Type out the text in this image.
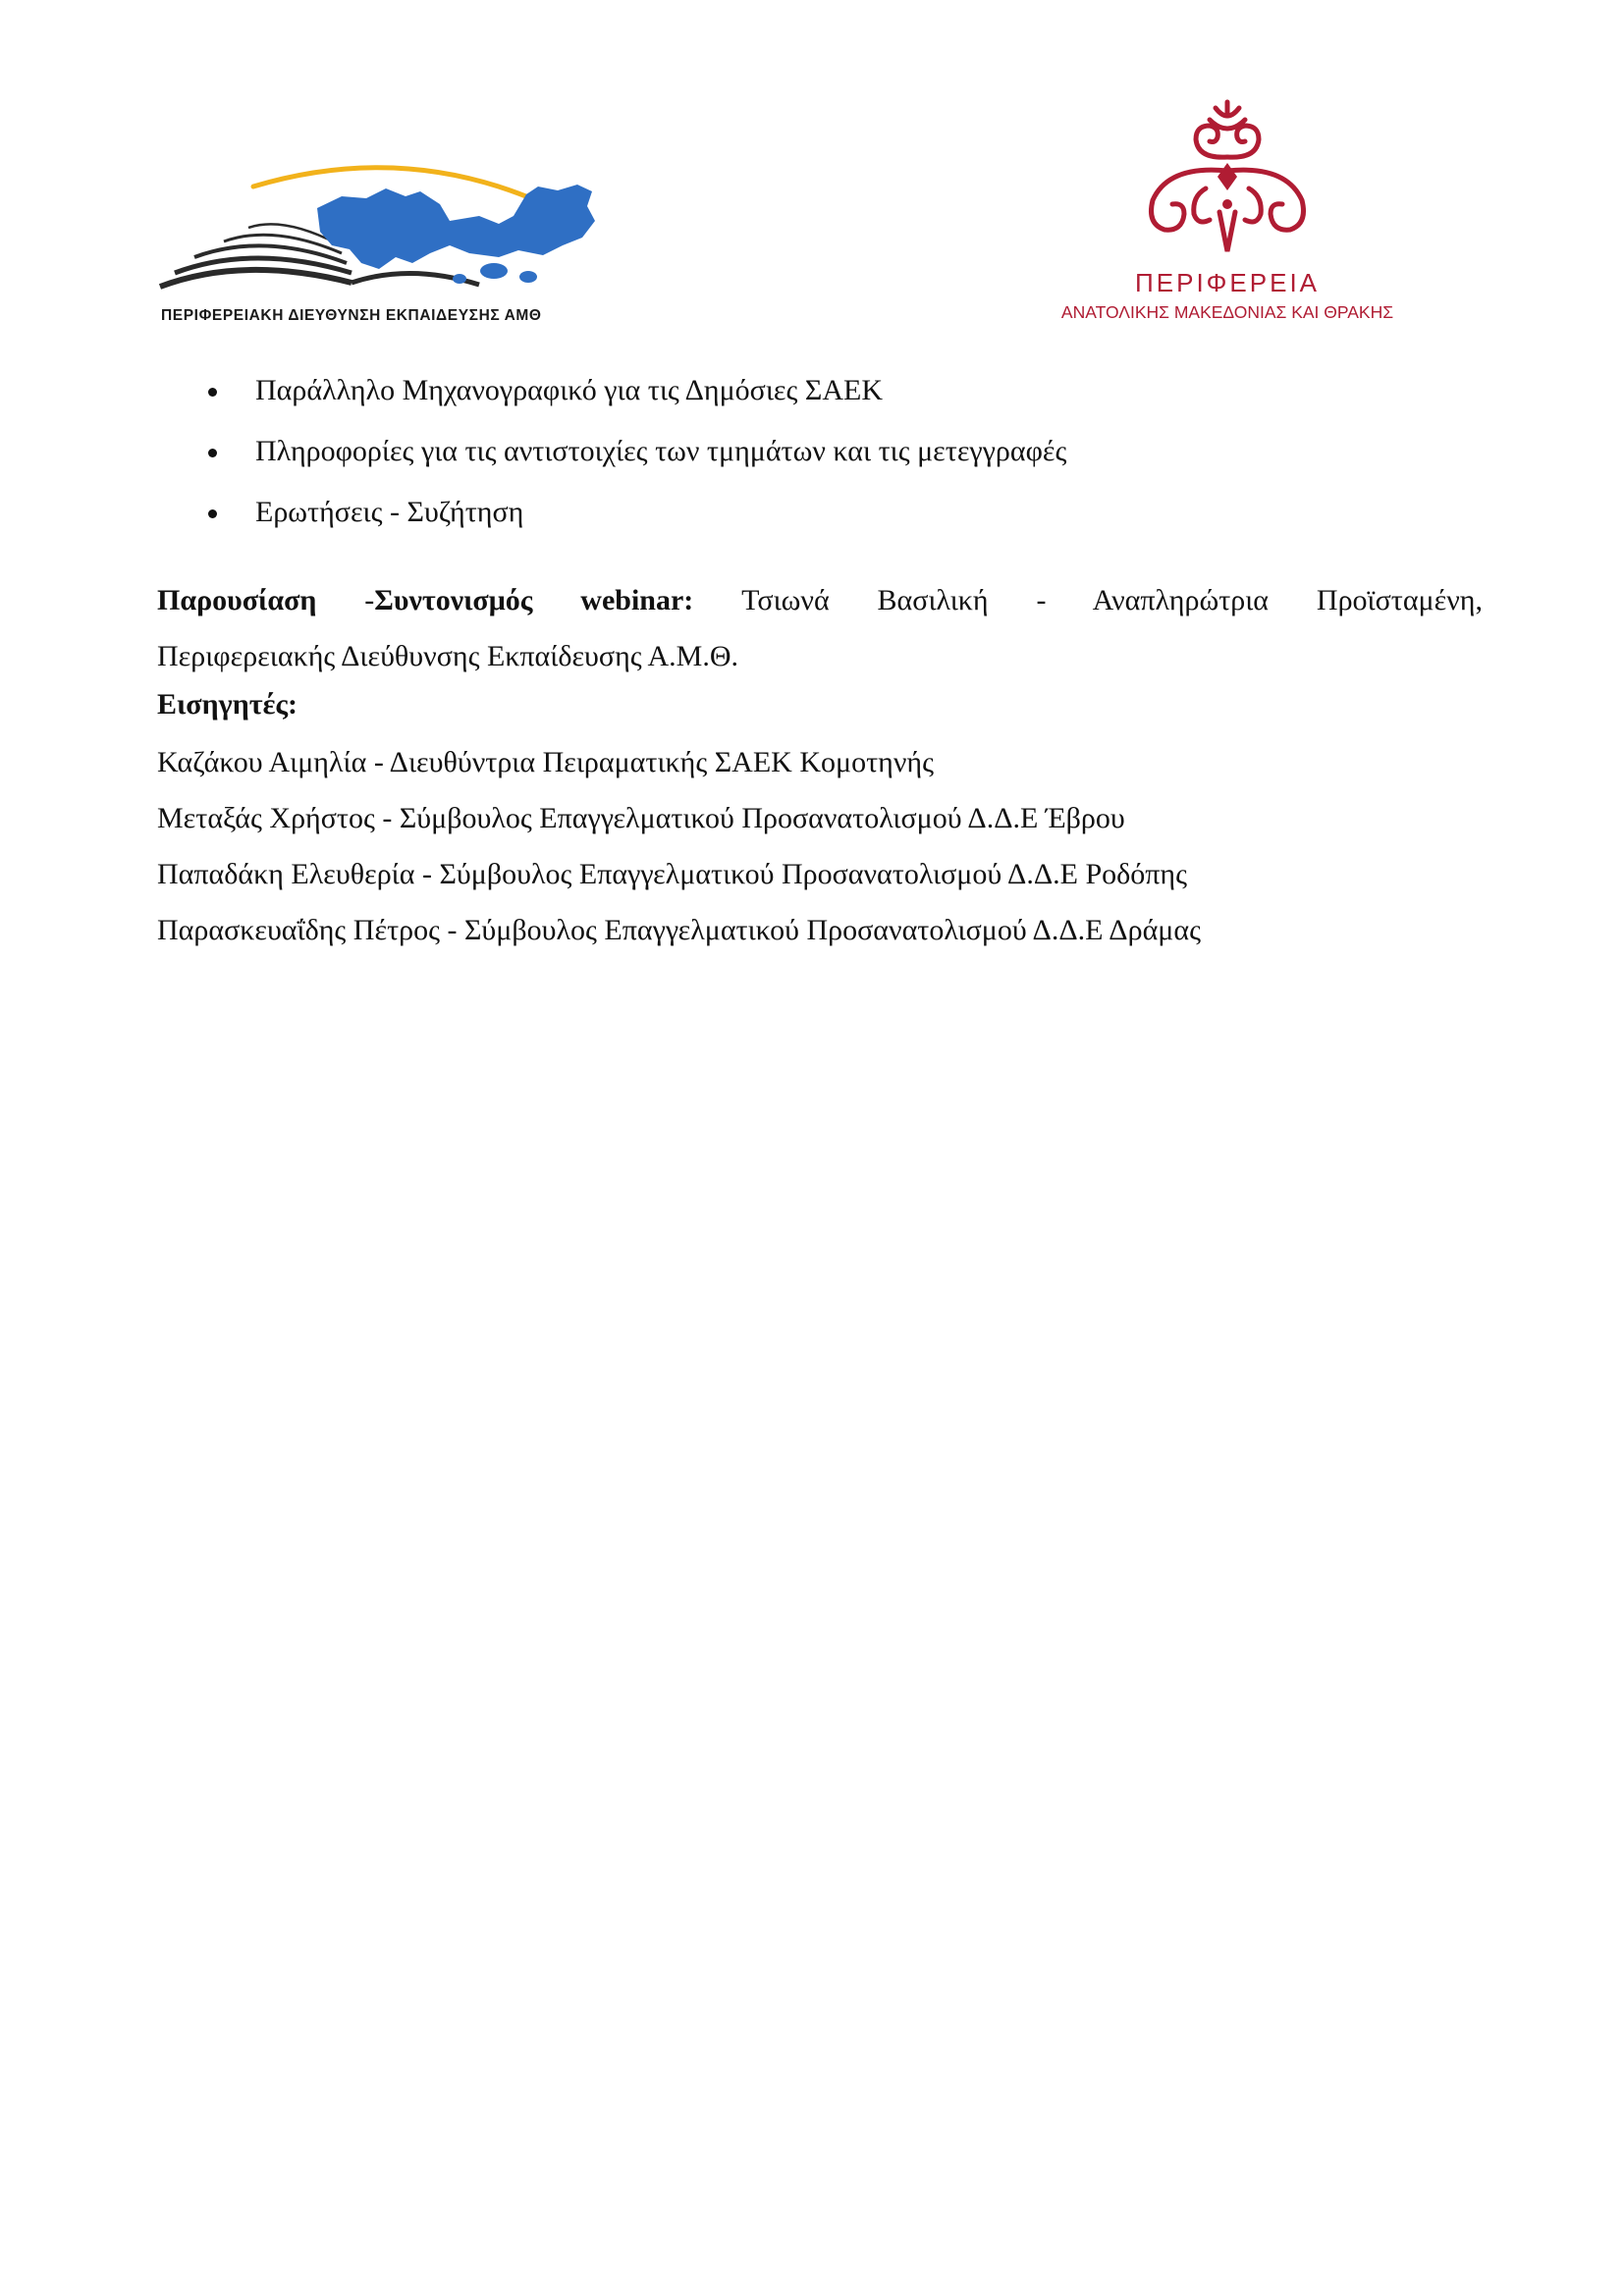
ΠΕΡΙΦΕΡΕΙΑΚΗ ΔΙΕΥΘΥΝΣΗ ΕΚΠΑΙΔΕΥΣΗΣ ΑΜΘ
ΠΕΡΙΦΕΡΕΙΑ
ΑΝΑΤΟΛΙΚΗΣ ΜΑΚΕΔΟΝΙΑΣ ΚΑΙ ΘΡΑΚΗΣ
Παράλληλο Μηχανογραφικό για τις Δημόσιες ΣΑΕΚ
Πληροφορίες για τις αντιστοιχίες των τμημάτων και τις μετεγγραφές
Ερωτήσεις - Συζήτηση
Παρουσίαση -Συντονισμός webinar: Τσιωνά Βασιλική - Αναπληρώτρια Προϊσταμένη,
Περιφερειακής Διεύθυνσης Εκπαίδευσης Α.Μ.Θ.
Εισηγητές:
Καζάκου Αιμηλία - Διευθύντρια Πειραματικής ΣΑΕΚ Κομοτηνής
Μεταξάς Χρήστος - Σύμβουλος Επαγγελματικού Προσανατολισμού Δ.Δ.Ε Έβρου
Παπαδάκη Ελευθερία - Σύμβουλος Επαγγελματικού Προσανατολισμού Δ.Δ.Ε Ροδόπης
Παρασκευαΐδης Πέτρος - Σύμβουλος Επαγγελματικού Προσανατολισμού Δ.Δ.Ε Δράμας
